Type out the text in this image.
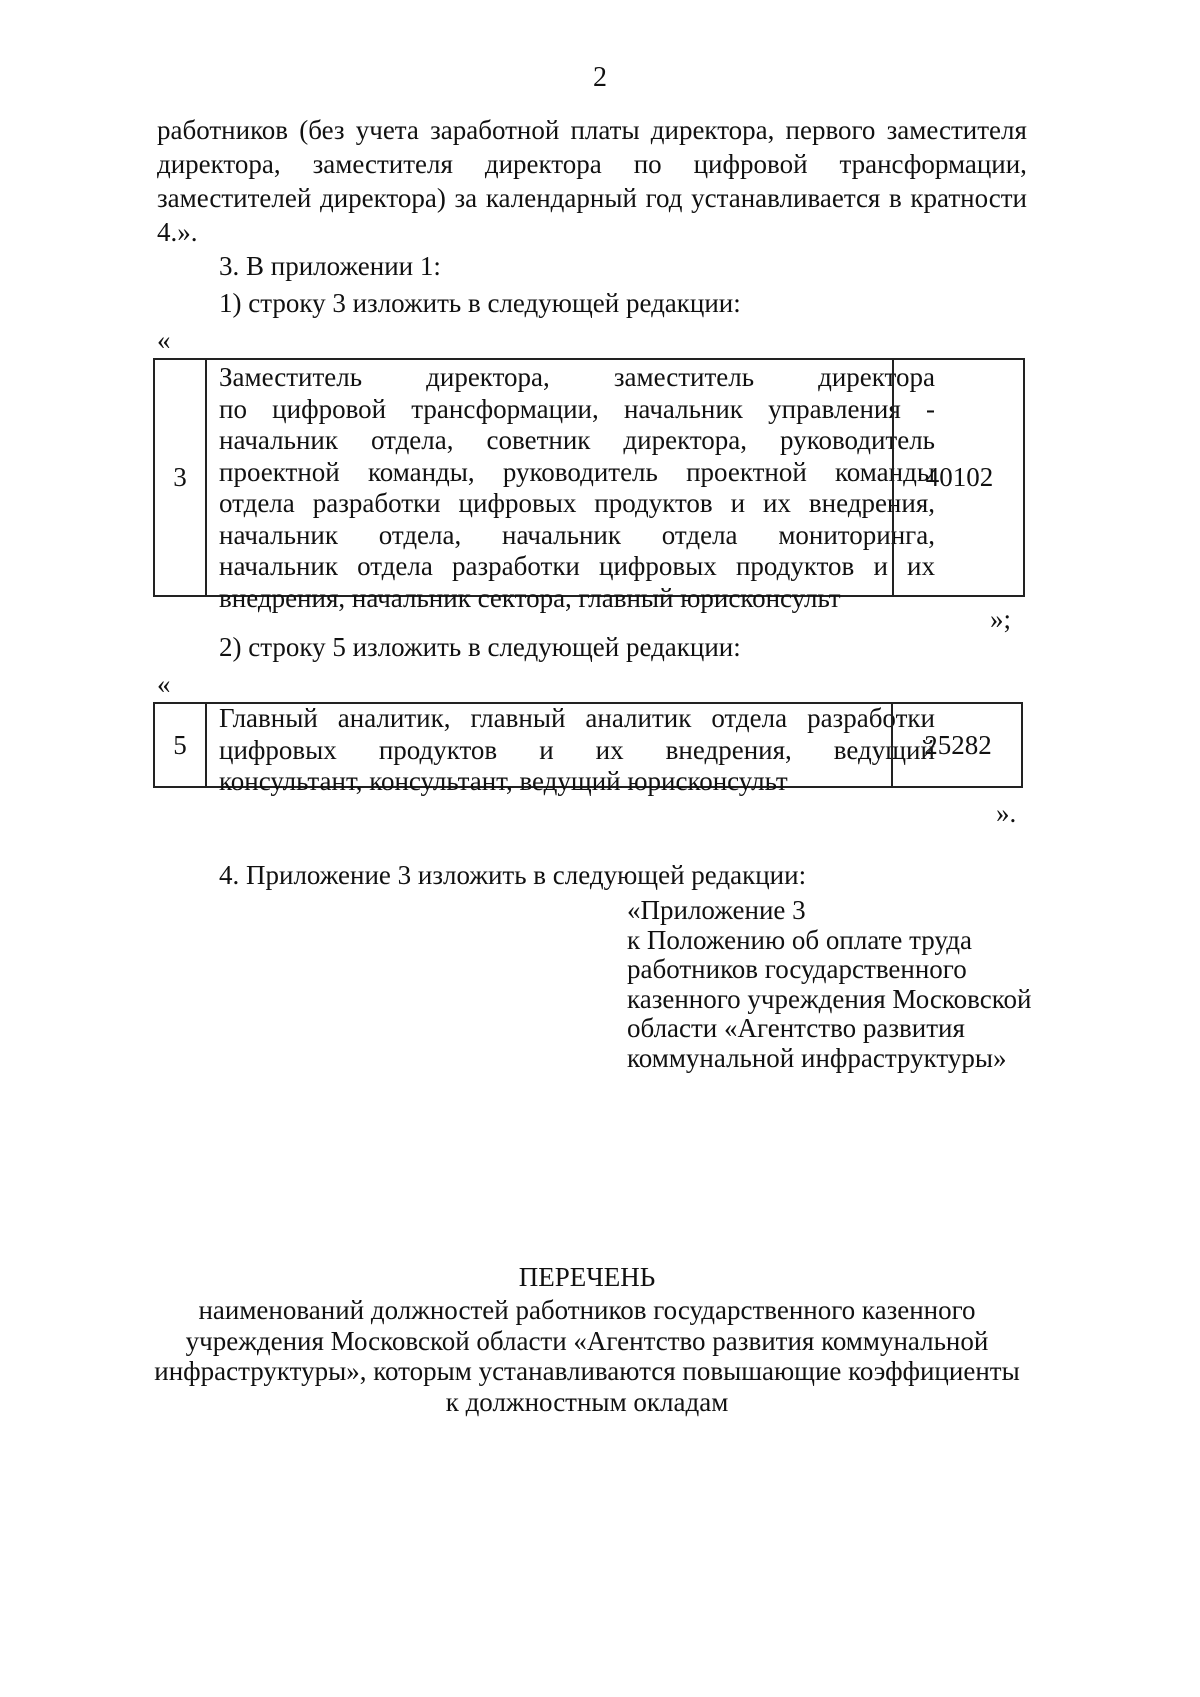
2
работников (без учета заработной платы директора, первого заместителя
директора, заместителя директора по цифровой трансформации,
заместителей директора) за календарный год устанавливается в кратности
4.».
3. В приложении 1:
1) строку 3 изложить в следующей редакции:
«
3
Заместитель директора, заместитель директора
по цифровой трансформации, начальник управления -
начальник отдела, советник директора, руководитель
проектной команды, руководитель проектной команды
отдела разработки цифровых продуктов и их внедрения,
начальник отдела, начальник отдела мониторинга,
начальник отдела разработки цифровых продуктов и их
внедрения, начальник сектора, главный юрисконсульт
40102
»;
2) строку 5 изложить в следующей редакции:
«
5
Главный аналитик, главный аналитик отдела разработки
цифровых продуктов и их внедрения, ведущий
консультант, консультант, ведущий юрисконсульт
25282
».
4. Приложение 3 изложить в следующей редакции:
«Приложение 3
к Положению об оплате труда
работников государственного
казенного учреждения Московской
области «Агентство развития
коммунальной инфраструктуры»
ПЕРЕЧЕНЬ
наименований должностей работников государственного казенного
учреждения Московской области «Агентство развития коммунальной
инфраструктуры», которым устанавливаются повышающие коэффициенты
к должностным окладам
